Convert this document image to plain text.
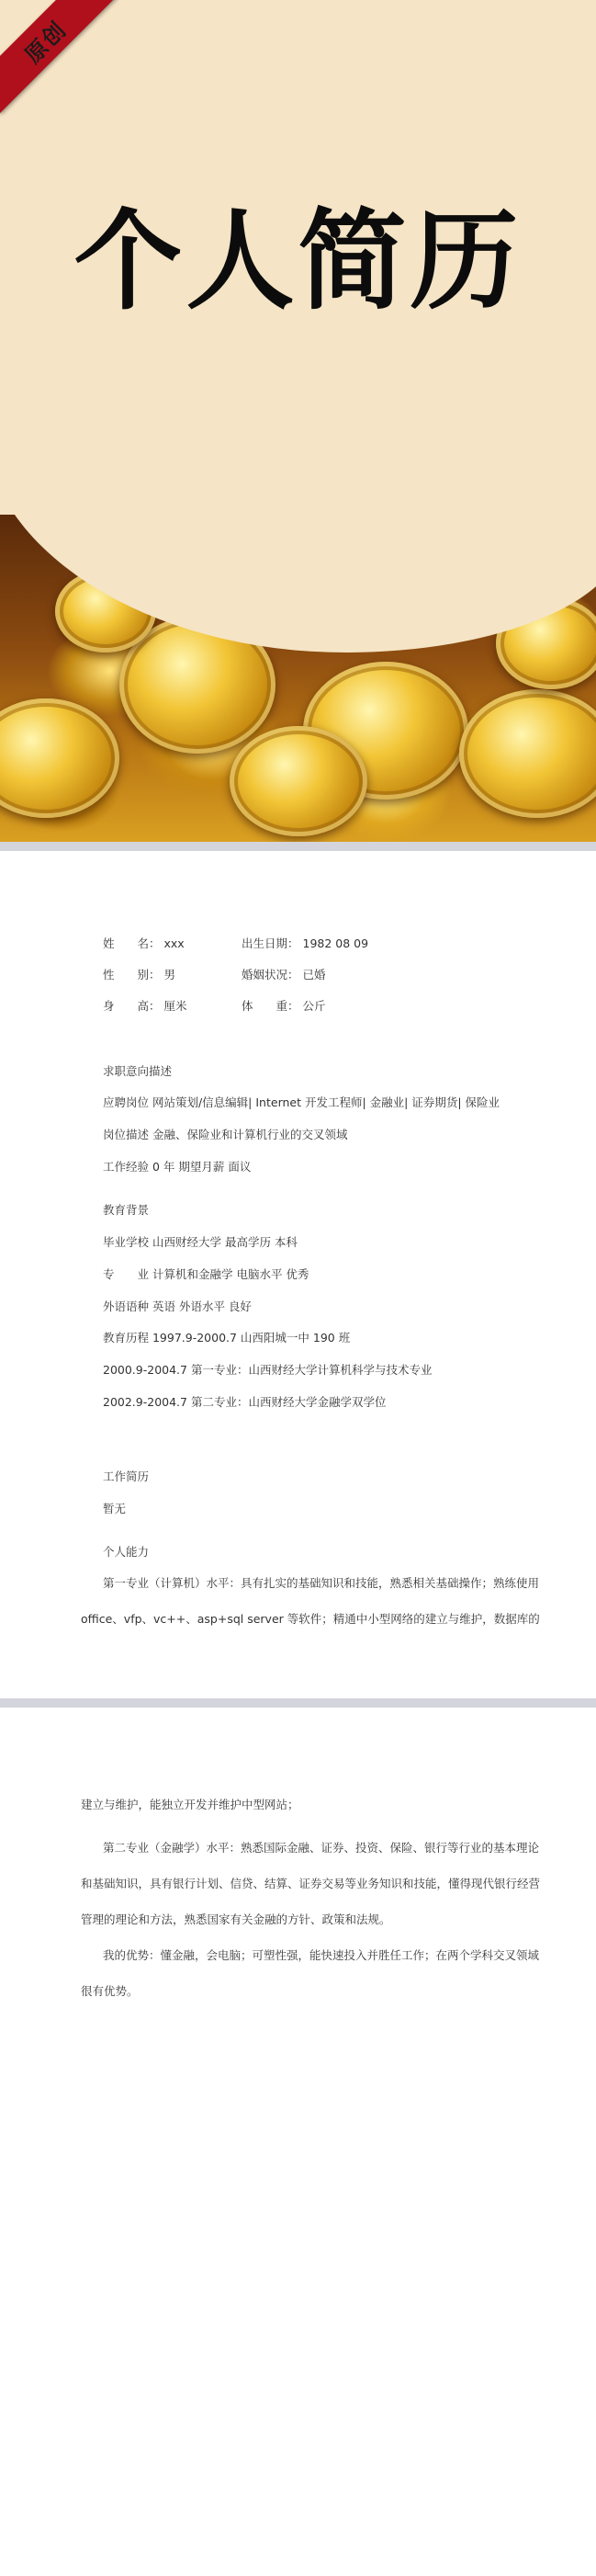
原创
个人简历
姓　　名： xxx	出生日期： 1982 08 09
性　　别： 男	婚姻状况： 已婚
身　　高： 厘米	体　　重： 公斤
求职意向描述
应聘岗位 网站策划/信息编辑| Internet 开发工程师| 金融业| 证券期货| 保险业
岗位描述 金融、保险业和计算机行业的交叉领域
工作经验 0 年 期望月薪 面议
教育背景
毕业学校 山西财经大学 最高学历 本科
专　　业 计算机和金融学 电脑水平 优秀
外语语种 英语 外语水平 良好
教育历程 1997.9-2000.7 山西阳城一中 190 班
2000.9-2004.7 第一专业：山西财经大学计算机科学与技术专业
2002.9-2004.7 第二专业：山西财经大学金融学双学位
工作简历
暂无
个人能力
第一专业（计算机）水平：具有扎实的基础知识和技能，熟悉相关基础操作；熟练使用
office、vfp、vc++、asp+sql server 等软件；精通中小型网络的建立与维护，数据库的
建立与维护，能独立开发并维护中型网站；
第二专业（金融学）水平：熟悉国际金融、证券、投资、保险、银行等行业的基本理论
和基础知识，具有银行计划、信贷、结算、证券交易等业务知识和技能，懂得现代银行经营
管理的理论和方法，熟悉国家有关金融的方针、政策和法规。
我的优势：懂金融，会电脑；可塑性强，能快速投入并胜任工作；在两个学科交叉领域
很有优势。
